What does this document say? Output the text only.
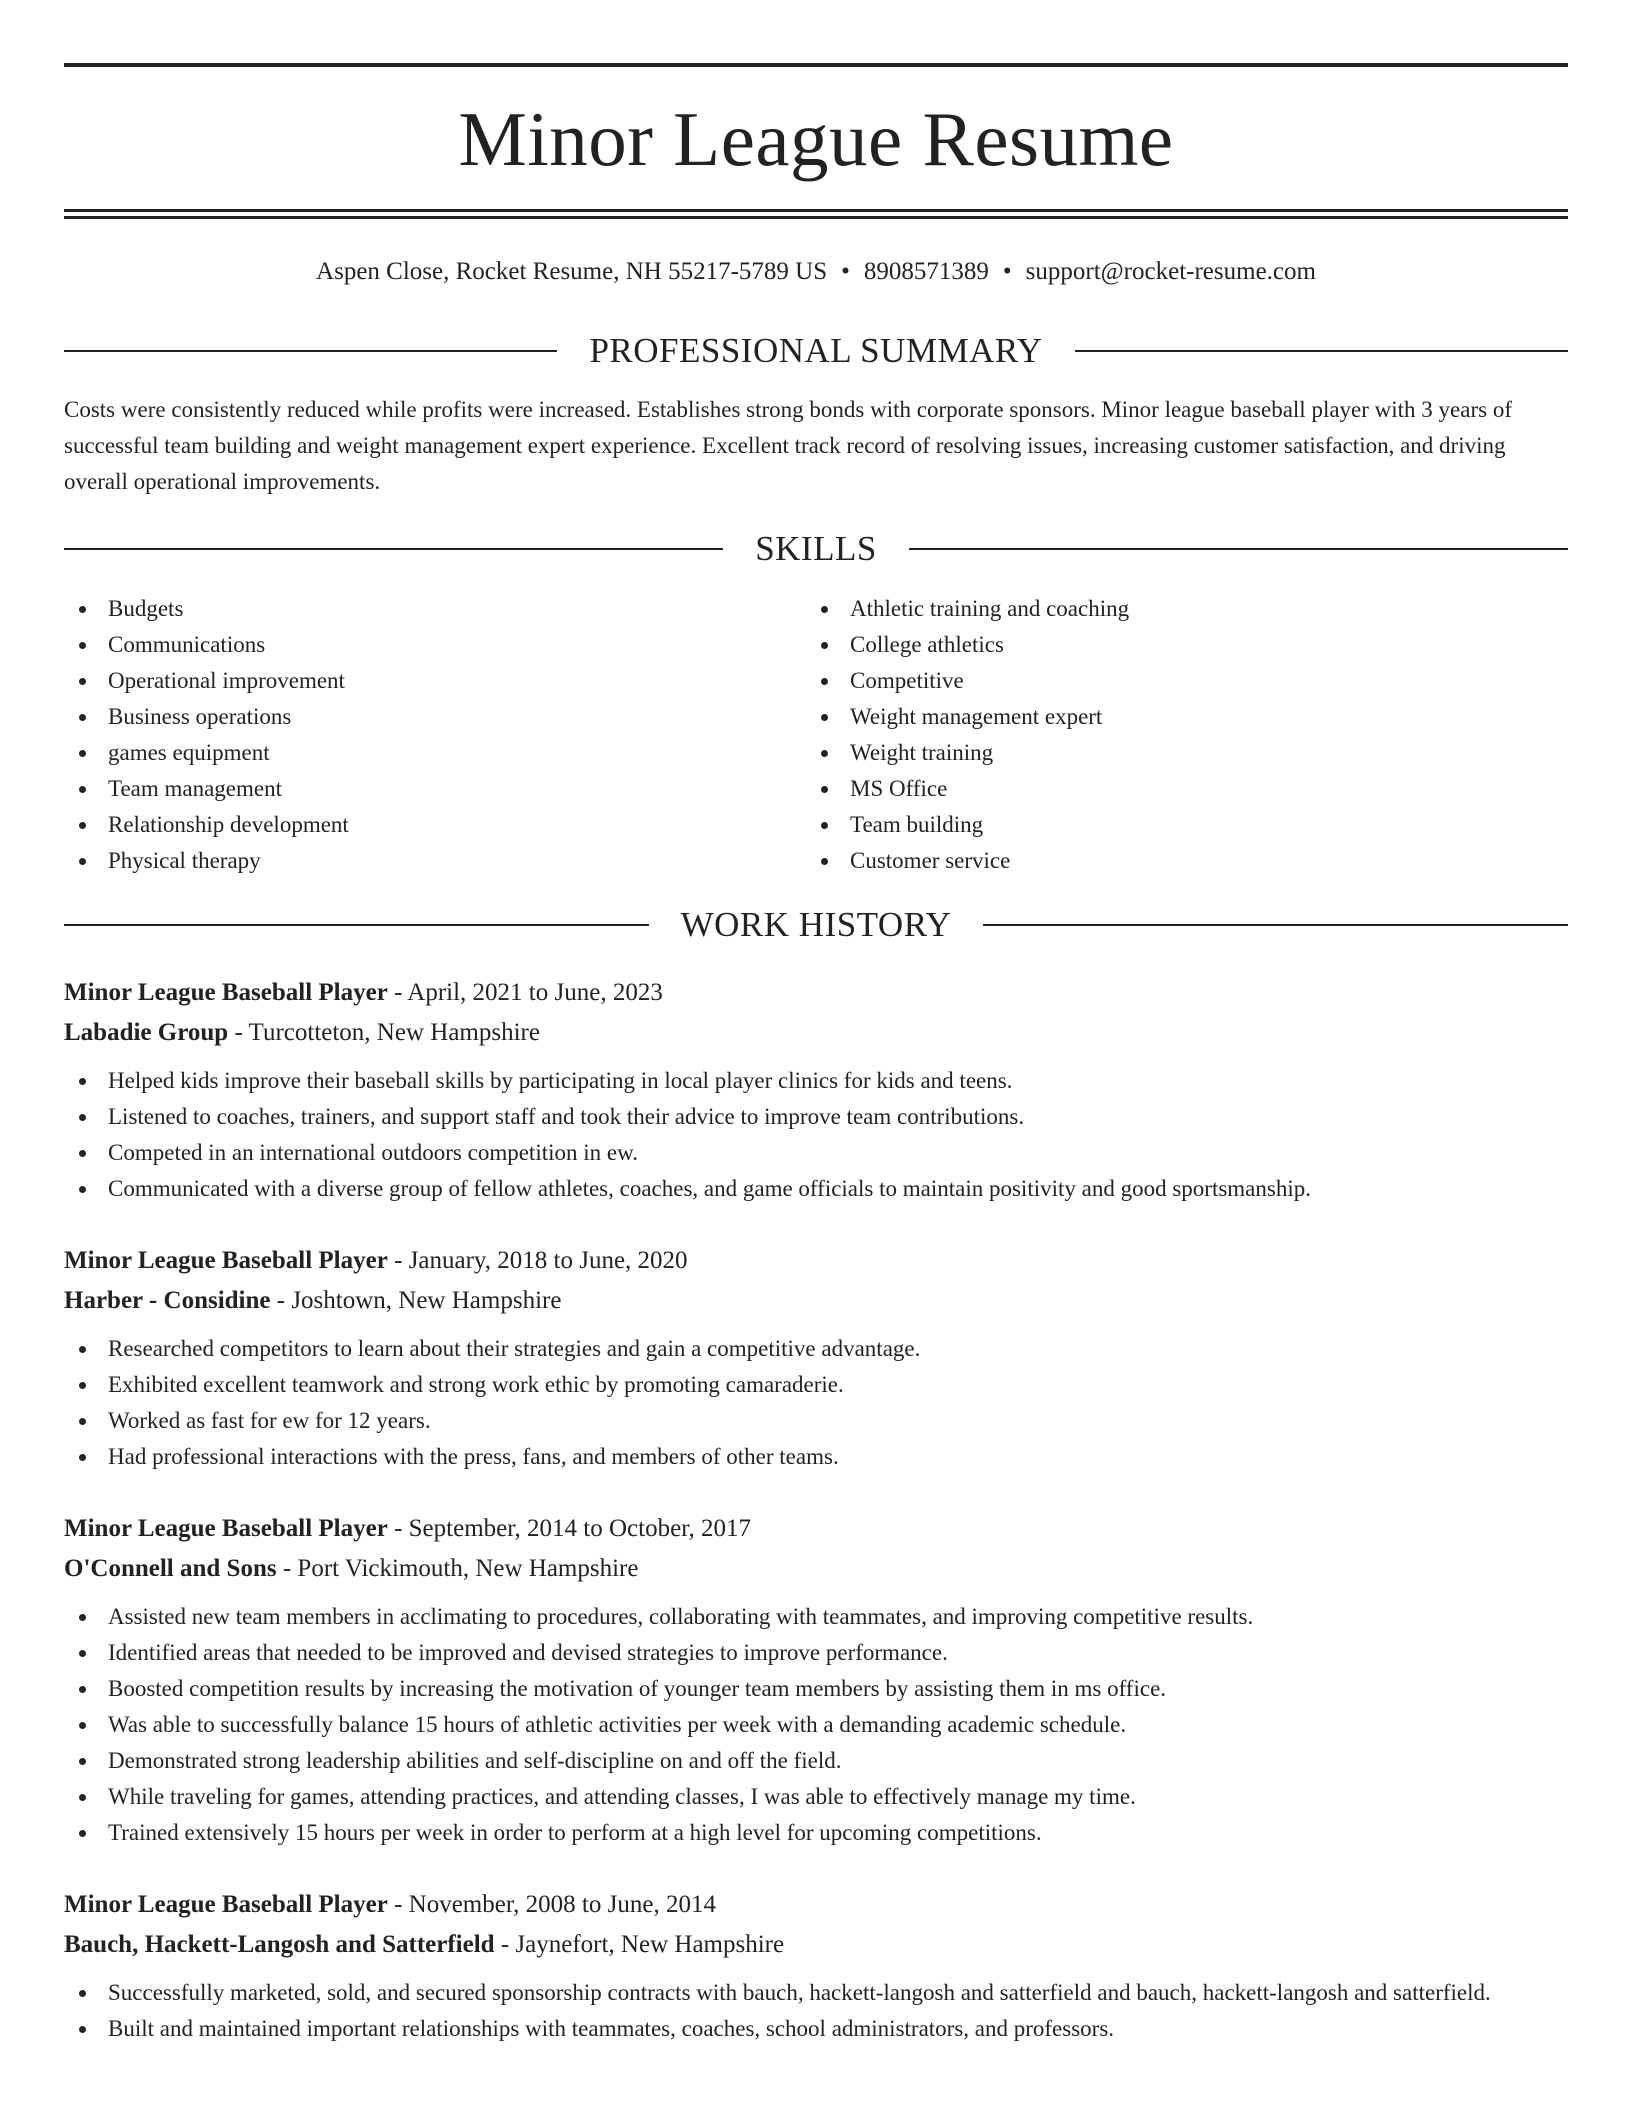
Minor League Resume
Aspen Close, Rocket Resume, NH 55217-5789 US • 8908571389 • support@rocket-resume.com
PROFESSIONAL SUMMARY
Costs were consistently reduced while profits were increased. Establishes strong bonds with corporate sponsors. Minor league baseball player with 3 years of successful team building and weight management expert experience. Excellent track record of resolving issues, increasing customer satisfaction, and driving overall operational improvements.
SKILLS
Budgets
Communications
Operational improvement
Business operations
games equipment
Team management
Relationship development
Physical therapy
Athletic training and coaching
College athletics
Competitive
Weight management expert
Weight training
MS Office
Team building
Customer service
WORK HISTORY
Minor League Baseball Player - April, 2021 to June, 2023
Labadie Group - Turcotteton, New Hampshire
Helped kids improve their baseball skills by participating in local player clinics for kids and teens.
Listened to coaches, trainers, and support staff and took their advice to improve team contributions.
Competed in an international outdoors competition in ew.
Communicated with a diverse group of fellow athletes, coaches, and game officials to maintain positivity and good sportsmanship.
Minor League Baseball Player - January, 2018 to June, 2020
Harber - Considine - Joshtown, New Hampshire
Researched competitors to learn about their strategies and gain a competitive advantage.
Exhibited excellent teamwork and strong work ethic by promoting camaraderie.
Worked as fast for ew for 12 years.
Had professional interactions with the press, fans, and members of other teams.
Minor League Baseball Player - September, 2014 to October, 2017
O'Connell and Sons - Port Vickimouth, New Hampshire
Assisted new team members in acclimating to procedures, collaborating with teammates, and improving competitive results.
Identified areas that needed to be improved and devised strategies to improve performance.
Boosted competition results by increasing the motivation of younger team members by assisting them in ms office.
Was able to successfully balance 15 hours of athletic activities per week with a demanding academic schedule.
Demonstrated strong leadership abilities and self-discipline on and off the field.
While traveling for games, attending practices, and attending classes, I was able to effectively manage my time.
Trained extensively 15 hours per week in order to perform at a high level for upcoming competitions.
Minor League Baseball Player - November, 2008 to June, 2014
Bauch, Hackett-Langosh and Satterfield - Jaynefort, New Hampshire
Successfully marketed, sold, and secured sponsorship contracts with bauch, hackett-langosh and satterfield and bauch, hackett-langosh and satterfield.
Built and maintained important relationships with teammates, coaches, school administrators, and professors.
